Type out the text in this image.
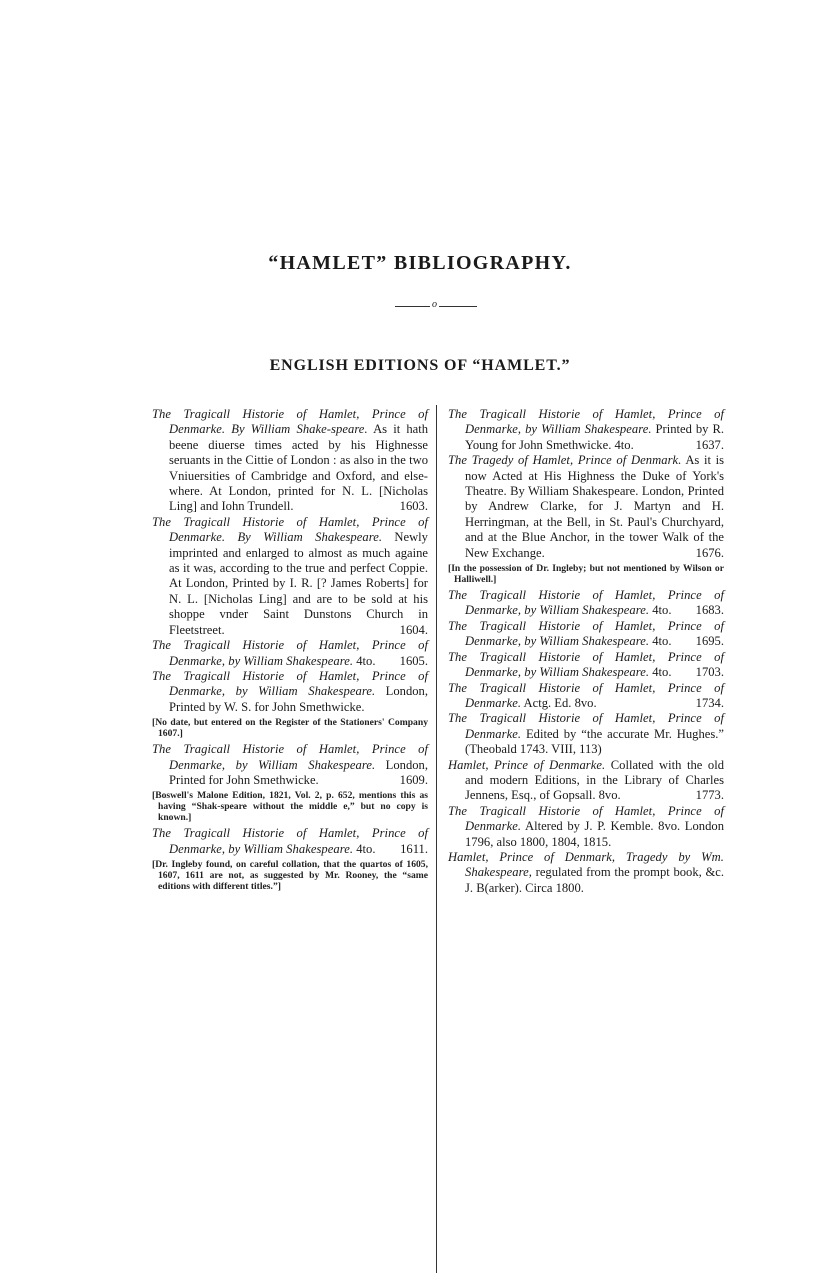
“HAMLET” BIBLIOGRAPHY.
o
ENGLISH EDITIONS OF “HAMLET.”

The Tragicall Historie of Hamlet, Prince of Denmarke. By William Shake-speare. As it hath beene diuerse times acted by his Highnesse seruants in the Cittie of London : as also in the two Vniuersities of Cambridge and Oxford, and else-where. At London, printed for N. L. [Nicholas Ling] and Iohn Trundell.	1603.

The Tragicall Historie of Hamlet, Prince of Denmarke. By William Shakespeare. Newly imprinted and enlarged to almost as much againe as it was, according to the true and perfect Coppie. At London, Printed by I. R. [? James Roberts] for N. L. [Nicholas Ling] and are to be sold at his shoppe vnder Saint Dunstons Church in Fleetstreet.	1604.

The Tragicall Historie of Hamlet, Prince of Denmarke, by William Shakespeare. 4to. 1605.

The Tragicall Historie of Hamlet, Prince of Denmarke, by William Shakespeare. London, Printed by W. S. for John Smethwicke.

[No date, but entered on the Register of the Stationers' Company 1607.]

The Tragicall Historie of Hamlet, Prince of Denmarke, by William Shakespeare. London, Printed for John Smethwicke.	1609.

[Boswell's Malone Edition, 1821, Vol. 2, p. 652, mentions this as having “Shak-speare without the middle e,” but no copy is known.]

The Tragicall Historie of Hamlet, Prince of Denmarke, by William Shakespeare. 4to. 1611.

[Dr. Ingleby found, on careful collation, that the quartos of 1605, 1607, 1611 are not, as suggested by Mr. Rooney, the “same editions with different titles.”]

The Tragicall Historie of Hamlet, Prince of Denmarke, by William Shakespeare. Printed by R. Young for John Smethwicke. 4to.	1637.

The Tragedy of Hamlet, Prince of Denmark. As it is now Acted at His Highness the Duke of York's Theatre. By William Shakespeare. London, Printed by Andrew Clarke, for J. Martyn and H. Herringman, at the Bell, in St. Paul's Churchyard, and at the Blue Anchor, in the tower Walk of the New Exchange.	1676.

[In the possession of Dr. Ingleby; but not mentioned by Wilson or Halliwell.]

The Tragicall Historie of Hamlet, Prince of Denmarke, by William Shakespeare. 4to. 1683.

The Tragicall Historie of Hamlet, Prince of Denmarke, by William Shakespeare. 4to. 1695.

The Tragicall Historie of Hamlet, Prince of Denmarke, by William Shakespeare. 4to. 1703.

The Tragicall Historie of Hamlet, Prince of Denmarke. Actg. Ed. 8vo.	1734.

The Tragicall Historie of Hamlet, Prince of Denmarke. Edited by “the accurate Mr. Hughes.” (Theobald 1743. VIII, 113)

Hamlet, Prince of Denmarke. Collated with the old and modern Editions, in the Library of Charles Jennens, Esq., of Gopsall. 8vo.	1773.

The Tragicall Historie of Hamlet, Prince of Denmarke. Altered by J. P. Kemble. 8vo. London 1796, also 1800, 1804, 1815.

Hamlet, Prince of Denmark, Tragedy by Wm. Shakespeare, regulated from the prompt book, &c. J. B(arker). Circa 1800.
